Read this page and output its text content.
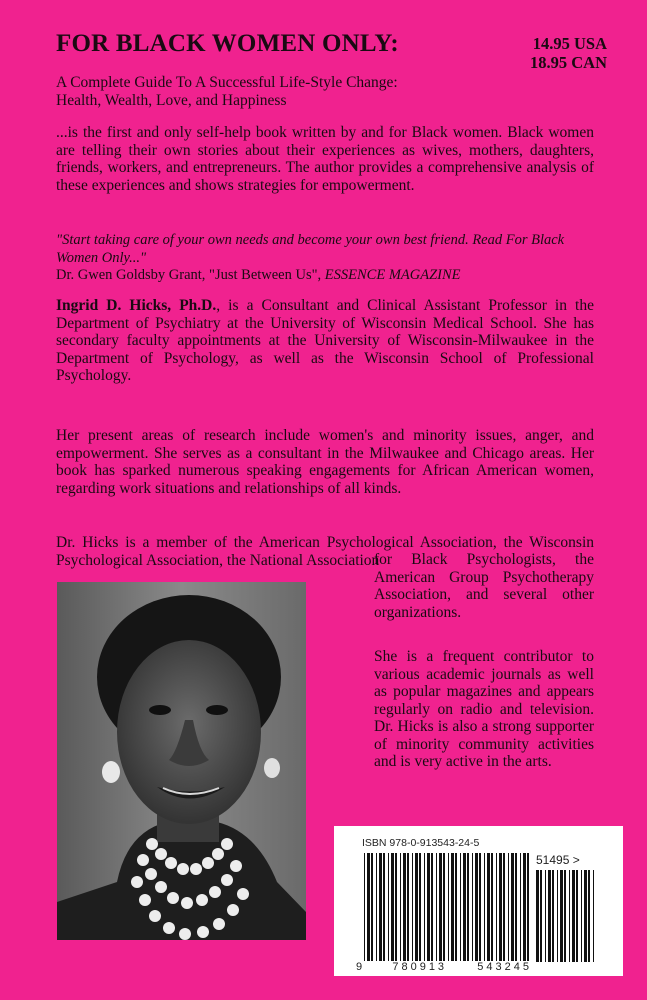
FOR BLACK WOMEN ONLY:	14.95 USA
18.95 CAN
A Complete Guide To A Successful Life-Style Change:
Health, Wealth, Love, and Happiness
...is the first and only self-help book written by and for Black women. Black women are telling their own stories about their experiences as wives, mothers, daughters, friends, workers, and entrepreneurs. The author provides a comprehensive analysis of these experiences and shows strategies for empowerment.
"Start taking care of your own needs and become your own best friend. Read For Black Women Only..."
Dr. Gwen Goldsby Grant, "Just Between Us", ESSENCE MAGAZINE
Ingrid D. Hicks, Ph.D., is a Consultant and Clinical Assistant Professor in the Department of Psychiatry at the University of Wisconsin Medical School. She has secondary faculty appointments at the University of Wisconsin-Milwaukee in the Department of Psychology, as well as the Wisconsin School of Professional Psychology.
Her present areas of research include women's and minority issues, anger, and empowerment. She serves as a consultant in the Milwaukee and Chicago areas. Her book has sparked numerous speaking engagements for African American women, regarding work situations and relationships of all kinds.
Dr. Hicks is a member of the American Psychological Association, the Wisconsin Psychological Association, the National Association
for Black Psychologists, the American Group Psychotherapy Association, and several other organizations.
She is a frequent contributor to various academic journals as well as popular magazines and appears regularly on radio and television. Dr. Hicks is also a strong supporter of minority community activities and is very active in the arts.
ISBN 978-0-913543-24-5
51495 >
9	780913	543245
